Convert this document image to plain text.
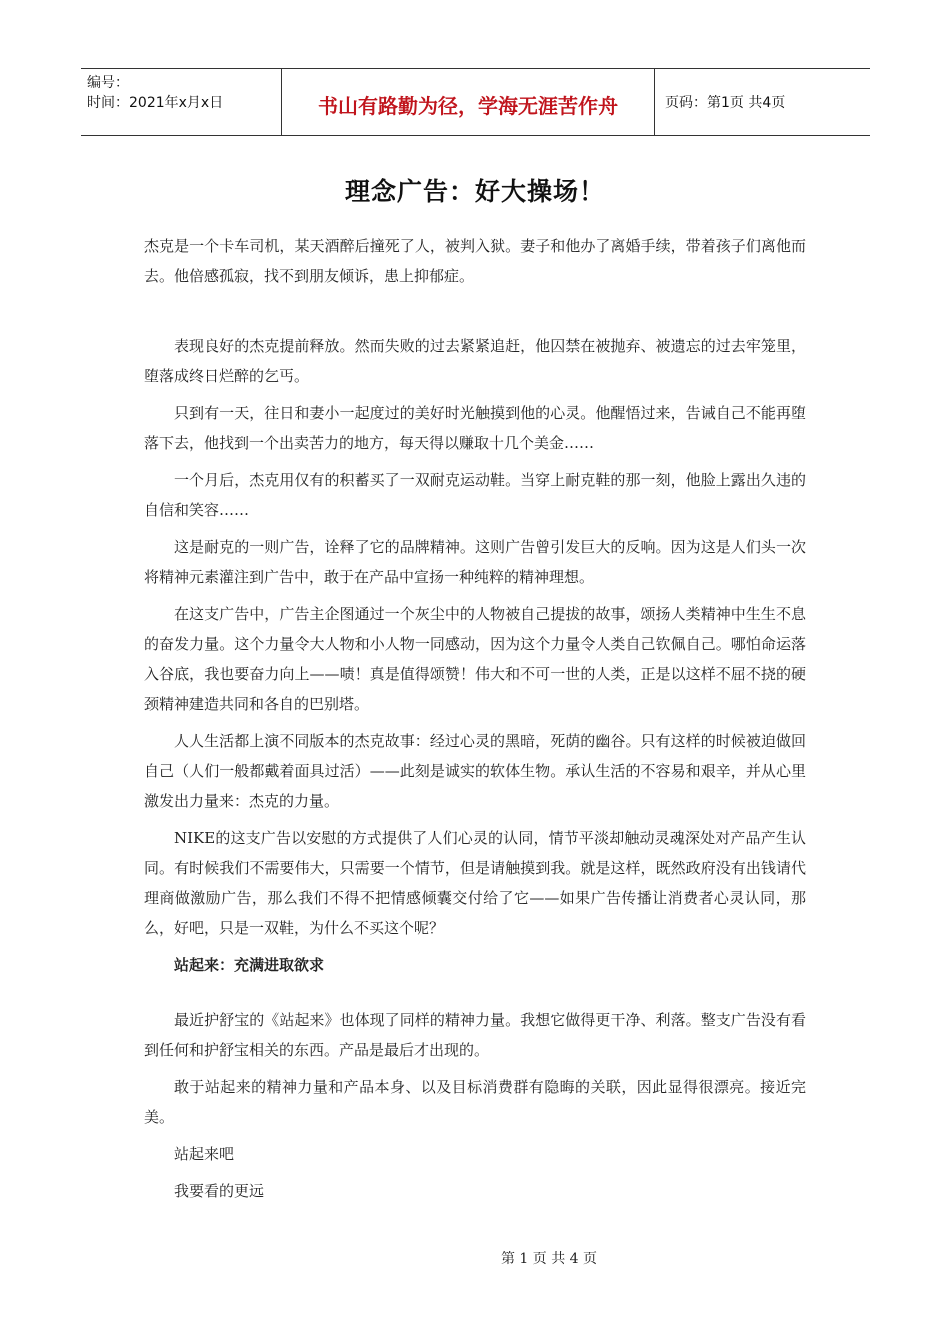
编号：
时间：2021年x月x日	书山有路勤为径，学海无涯苦作舟	页码：第1页 共4页
理念广告：好大操场！

杰克是一个卡车司机，某天酒醉后撞死了人，被判入狱。妻子和他办了离婚手续，带着孩子们离他而去。他倍感孤寂，找不到朋友倾诉，患上抑郁症。

表现良好的杰克提前释放。然而失败的过去紧紧追赶，他囚禁在被抛弃、被遗忘的过去牢笼里，堕落成终日烂醉的乞丐。

只到有一天，往日和妻小一起度过的美好时光触摸到他的心灵。他醒悟过来，告诫自己不能再堕落下去，他找到一个出卖苦力的地方，每天得以赚取十几个美金……

一个月后，杰克用仅有的积蓄买了一双耐克运动鞋。当穿上耐克鞋的那一刻，他脸上露出久违的自信和笑容……

这是耐克的一则广告，诠释了它的品牌精神。这则广告曾引发巨大的反响。因为这是人们头一次将精神元素灌注到广告中，敢于在产品中宣扬一种纯粹的精神理想。

在这支广告中，广告主企图通过一个灰尘中的人物被自己提拔的故事，颂扬人类精神中生生不息的奋发力量。这个力量令大人物和小人物一同感动，因为这个力量令人类自己钦佩自己。哪怕命运落入谷底，我也要奋力向上——啧！真是值得颂赞！伟大和不可一世的人类，正是以这样不屈不挠的硬颈精神建造共同和各自的巴别塔。

人人生活都上演不同版本的杰克故事：经过心灵的黑暗，死荫的幽谷。只有这样的时候被迫做回自己（人们一般都戴着面具过活）——此刻是诚实的软体生物。承认生活的不容易和艰辛，并从心里激发出力量来：杰克的力量。

NIKE的这支广告以安慰的方式提供了人们心灵的认同，情节平淡却触动灵魂深处对产品产生认同。有时候我们不需要伟大，只需要一个情节，但是请触摸到我。就是这样，既然政府没有出钱请代理商做激励广告，那么我们不得不把情感倾囊交付给了它——如果广告传播让消费者心灵认同，那么，好吧，只是一双鞋，为什么不买这个呢？

站起来：充满进取欲求

最近护舒宝的《站起来》也体现了同样的精神力量。我想它做得更干净、利落。整支广告没有看到任何和护舒宝相关的东西。产品是最后才出现的。

敢于站起来的精神力量和产品本身、以及目标消费群有隐晦的关联，因此显得很漂亮。接近完美。

站起来吧

我要看的更远

第 1 页 共 4 页
